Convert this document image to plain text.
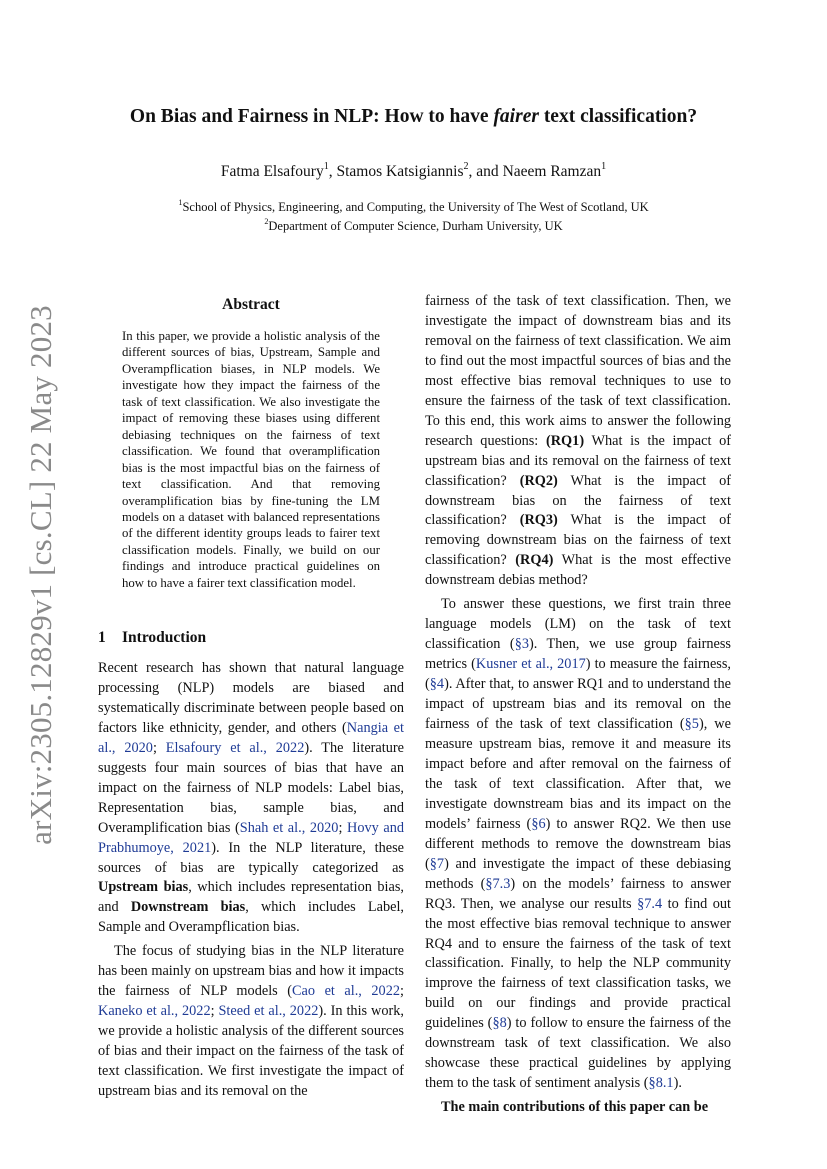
arXiv:2305.12829v1 [cs.CL] 22 May 2023
On Bias and Fairness in NLP: How to have fairer text classification?
Fatma Elsafoury$^1$, Stamos Katsigiannis$^2$, and Naeem Ramzan$^1$
$^1$School of Physics, Engineering, and Computing, the University of The West of Scotland, UK
$^2$Department of Computer Science, Durham University, UK
Abstract
In this paper, we provide a holistic analysis of the different sources of bias, Upstream, Sample and Overampflication biases, in NLP models. We investigate how they impact the fairness of the task of text classification. We also investigate the impact of removing these biases using different debiasing techniques on the fairness of text classification. We found that overamplification bias is the most impactful bias on the fairness of text classification. And that removing overamplification bias by fine-tuning the LM models on a dataset with balanced representations of the different identity groups leads to fairer text classification models. Finally, we build on our findings and introduce practical guidelines on how to have a fairer text classification model.
1 Introduction

Recent research has shown that natural language processing (NLP) models are biased and systematically discriminate between people based on factors like ethnicity, gender, and others (Nangia et al., 2020; Elsafoury et al., 2022). The literature suggests four main sources of bias that have an impact on the fairness of NLP models: Label bias, Representation bias, sample bias, and Overamplification bias (Shah et al., 2020; Hovy and Prabhumoye, 2021). In the NLP literature, these sources of bias are typically categorized as Upstream bias, which includes representation bias, and Downstream bias, which includes Label, Sample and Overampflication bias.

The focus of studying bias in the NLP literature has been mainly on upstream bias and how it impacts the fairness of NLP models (Cao et al., 2022; Kaneko et al., 2022; Steed et al., 2022). In this work, we provide a holistic analysis of the different sources of bias and their impact on the fairness of the task of text classification. We first investigate the impact of upstream bias and its removal on the

fairness of the task of text classification. Then, we investigate the impact of downstream bias and its removal on the fairness of text classification. We aim to find out the most impactful sources of bias and the most effective bias removal techniques to use to ensure the fairness of the task of text classification. To this end, this work aims to answer the following research questions: (RQ1) What is the impact of upstream bias and its removal on the fairness of text classification? (RQ2) What is the impact of downstream bias on the fairness of text classification? (RQ3) What is the impact of removing downstream bias on the fairness of text classification? (RQ4) What is the most effective downstream debias method?

To answer these questions, we first train three language models (LM) on the task of text classification (§3). Then, we use group fairness metrics (Kusner et al., 2017) to measure the fairness, (§4). After that, to answer RQ1 and to understand the impact of upstream bias and its removal on the fairness of the task of text classification (§5), we measure upstream bias, remove it and measure its impact before and after removal on the fairness of the task of text classification. After that, we investigate downstream bias and its impact on the models’ fairness (§6) to answer RQ2. We then use different methods to remove the downstream bias (§7) and investigate the impact of these debiasing methods (§7.3) on the models’ fairness to answer RQ3. Then, we analyse our results §7.4 to find out the most effective bias removal technique to answer RQ4 and to ensure the fairness of the task of text classification. Finally, to help the NLP community improve the fairness of text classification tasks, we build on our findings and provide practical guidelines (§8) to follow to ensure the fairness of the downstream task of text classification. We also showcase these practical guidelines by applying them to the task of sentiment analysis (§8.1).

The main contributions of this paper can be
